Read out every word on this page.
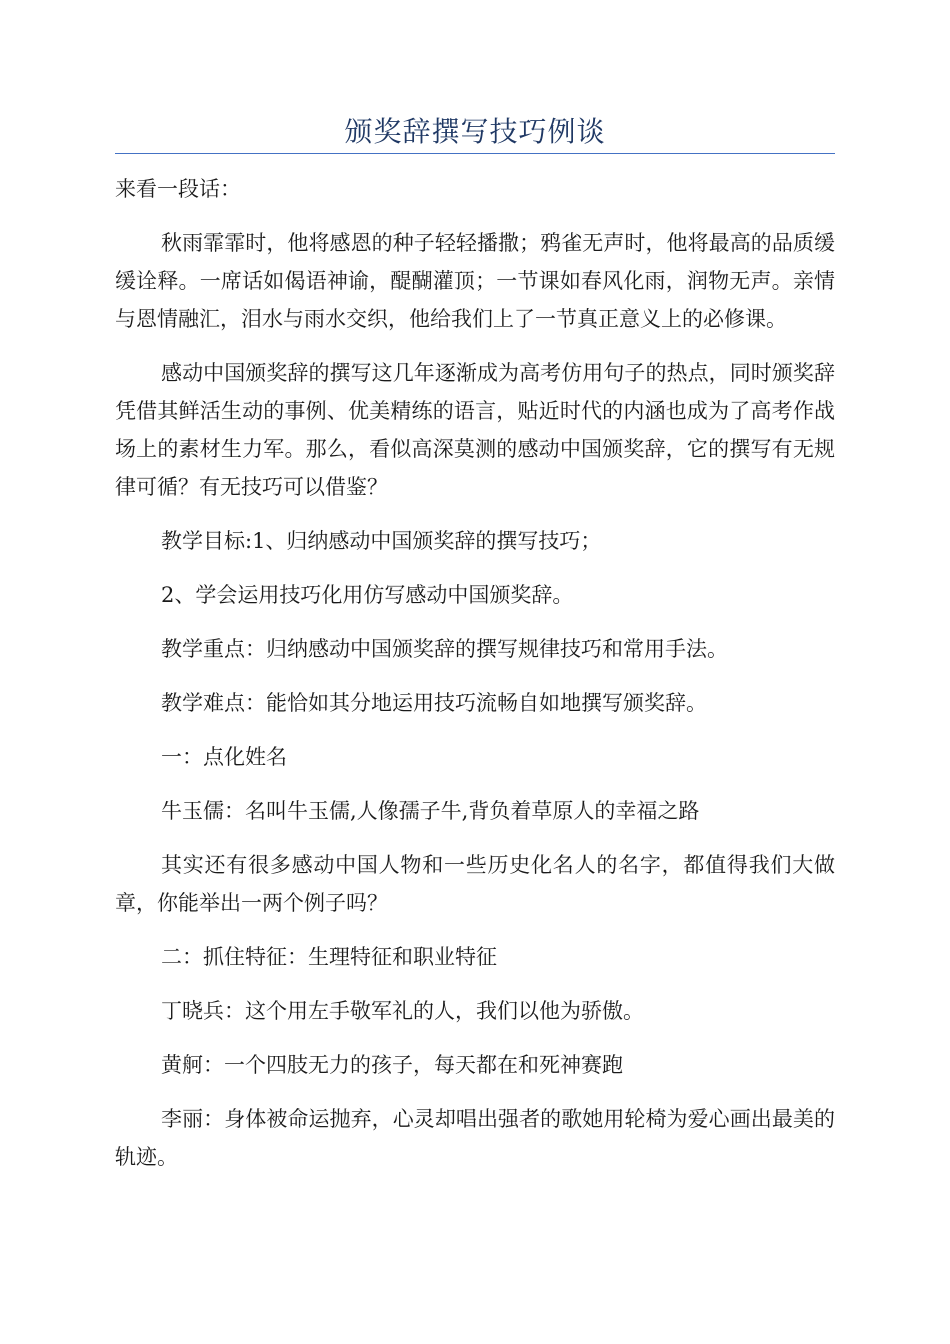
颁奖辞撰写技巧例谈

来看一段话：

秋雨霏霏时，他将感恩的种子轻轻播撒；鸦雀无声时，他将最高的品质缓缓诠释。一席话如偈语神谕，醍醐灌顶；一节课如春风化雨，润物无声。亲情与恩情融汇，泪水与雨水交织，他给我们上了一节真正意义上的必修课。

感动中国颁奖辞的撰写这几年逐渐成为高考仿用句子的热点，同时颁奖辞凭借其鲜活生动的事例、优美精练的语言，贴近时代的内涵也成为了高考作战场上的素材生力军。那么，看似高深莫测的感动中国颁奖辞，它的撰写有无规律可循？有无技巧可以借鉴？

教学目标:1、归纳感动中国颁奖辞的撰写技巧；

2、学会运用技巧化用仿写感动中国颁奖辞。

教学重点：归纳感动中国颁奖辞的撰写规律技巧和常用手法。

教学难点：能恰如其分地运用技巧流畅自如地撰写颁奖辞。

一：点化姓名

牛玉儒：名叫牛玉儒,人像孺子牛,背负着草原人的幸福之路

其实还有很多感动中国人物和一些历史化名人的名字，都值得我们大做章，你能举出一两个例子吗？

二：抓住特征：生理特征和职业特征

丁晓兵：这个用左手敬军礼的人，我们以他为骄傲。

黄舸：一个四肢无力的孩子，每天都在和死神赛跑

李丽：身体被命运抛弃，心灵却唱出强者的歌她用轮椅为爱心画出最美的轨迹。
